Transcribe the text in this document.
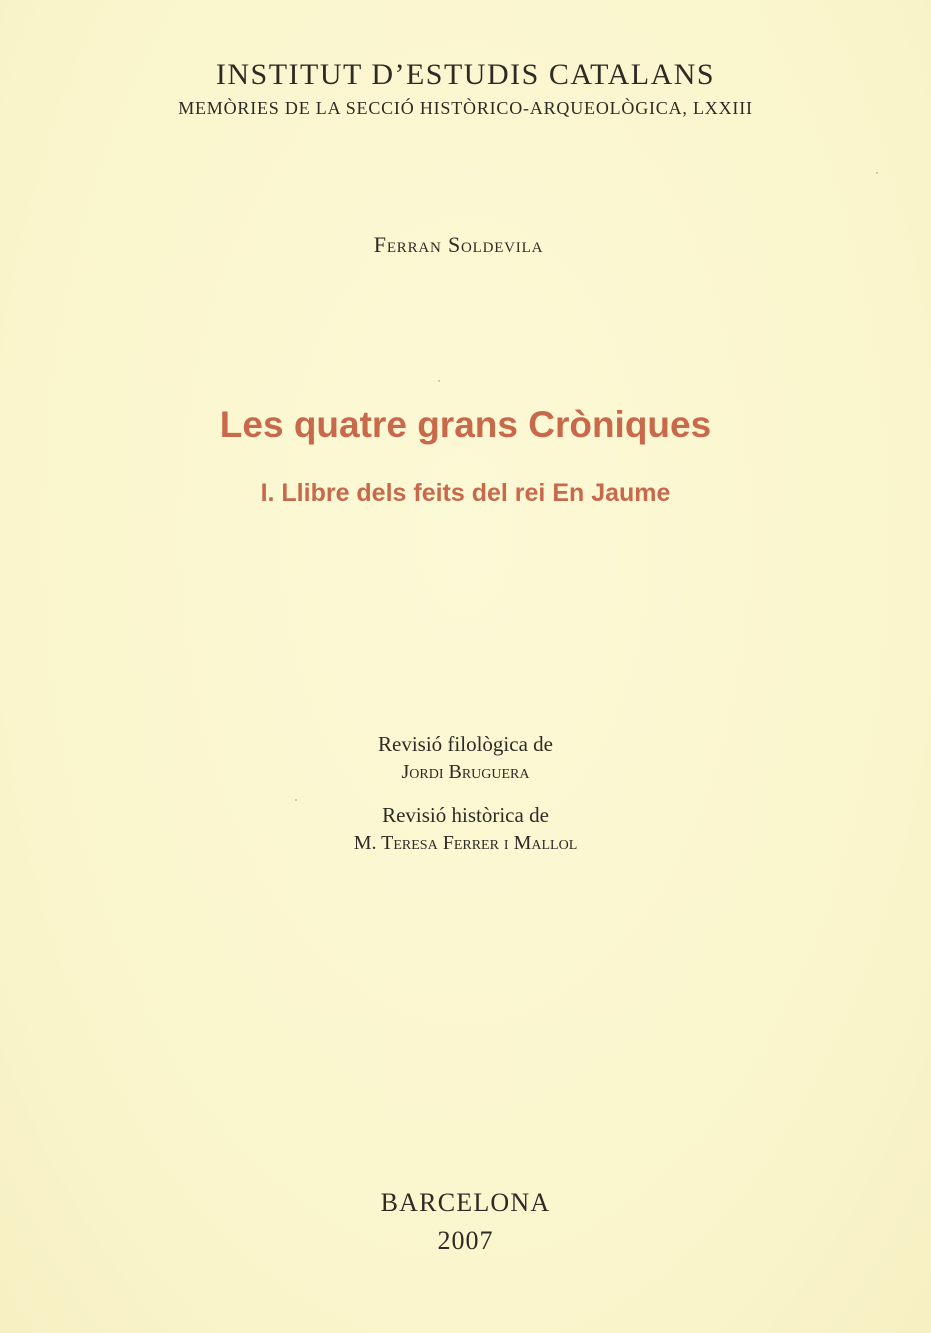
INSTITUT D’ESTUDIS CATALANS
MEMÒRIES DE LA SECCIÓ HISTÒRICO-ARQUEOLÒGICA, LXXIII
Ferran Soldevila
Les quatre grans Cròniques
I. Llibre dels feits del rei En Jaume
Revisió filològica de
Jordi Bruguera
Revisió històrica de
M. Teresa Ferrer i Mallol
BARCELONA
2007
